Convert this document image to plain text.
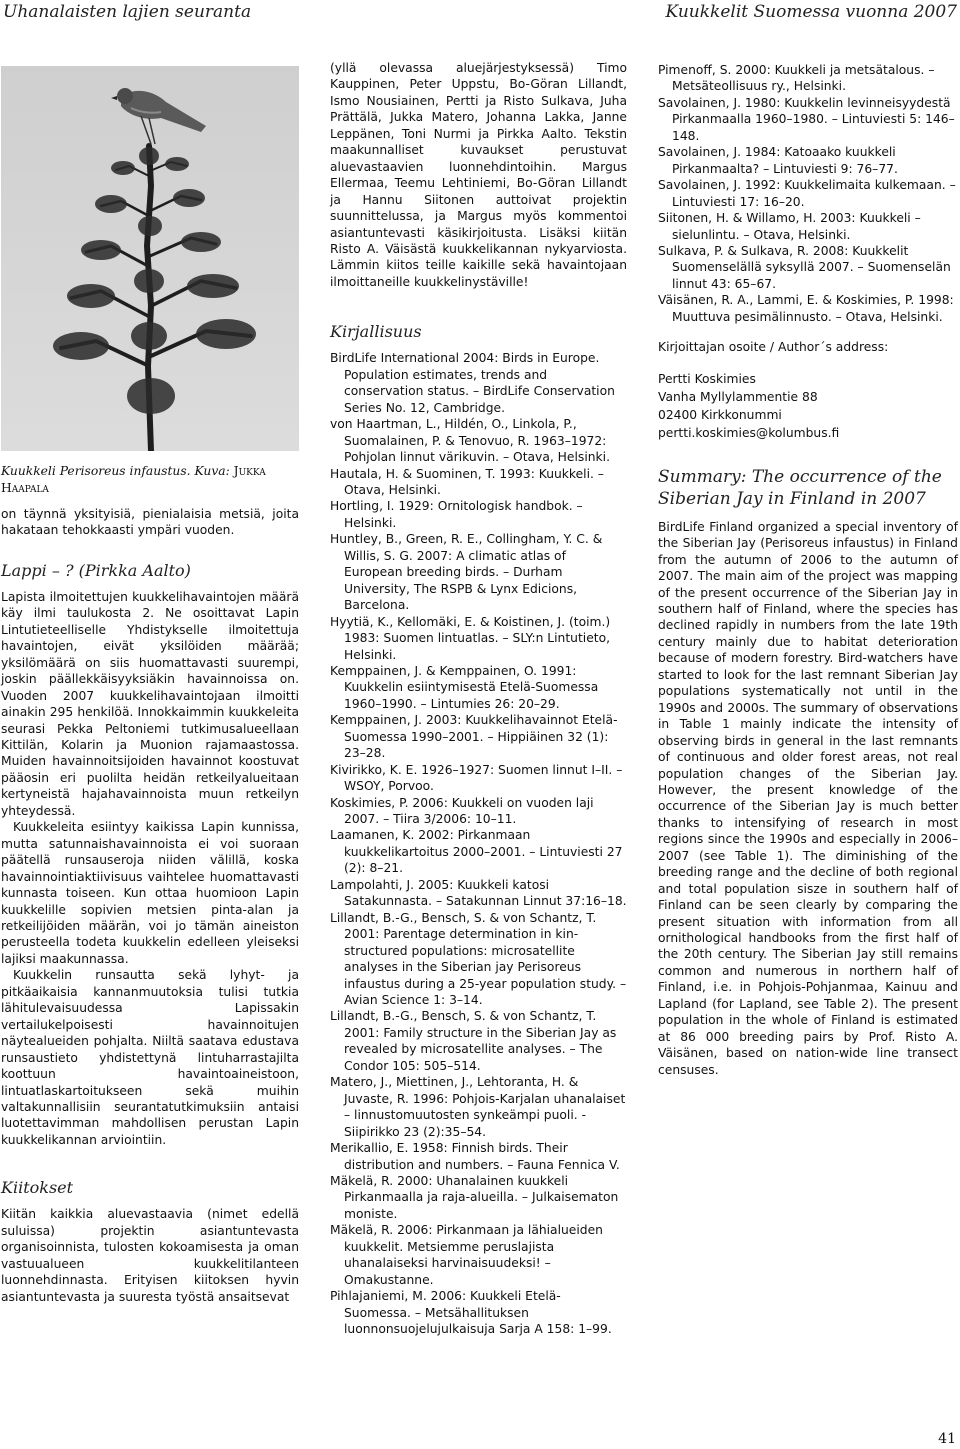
Uhanalaisten lajien seuranta	Kuukkelit Suomessa vuonna 2007
Kuukkeli Perisoreus infaustus. Kuva: Jukka Haapala

on täynnä yksityisiä, pienialaisia metsiä, joita hakataan tehokkaasti ympäri vuoden.

Lappi – ? (Pirkka Aalto)

Lapista ilmoitettujen kuukkelihavaintojen määrä käy ilmi taulukosta 2. Ne osoittavat Lapin Lintutieteelliselle Yhdistykselle ilmoitettuja havaintojen, eivät yksilöiden määrää; yksilömäärä on siis huomattavasti suurempi, joskin päällekkäisyyksiäkin havainnoissa on. Vuoden 2007 kuukkelihavaintojaan ilmoitti ainakin 295 henkilöä. Innokkaimmin kuukkeleita seurasi Pekka Peltoniemi tutkimusalueellaan Kittilän, Kolarin ja Muonion rajamaastossa. Muiden havainnoitsijoiden havainnot koostuvat pääosin eri puolilta heidän retkeilyalueitaan kertyneistä hajahavainnoista muun retkeilyn yhteydessä.

Kuukkeleita esiintyy kaikissa Lapin kunnissa, mutta satunnaishavainnoista ei voi suoraan päätellä runsauseroja niiden välillä, koska havainnointiaktiivisuus vaihtelee huomattavasti kunnasta toiseen. Kun ottaa huomioon Lapin kuukkelille sopivien metsien pinta-alan ja retkeilijöiden määrän, voi jo tämän aineiston perusteella todeta kuukkelin edelleen yleiseksi lajiksi maakunnassa.

Kuukkelin runsautta sekä lyhyt- ja pitkäaikaisia kannanmuutoksia tulisi tutkia lähitulevaisuudessa Lapissakin vertailukelpoisesti havainnoitujen näytealueiden pohjalta. Niiltä saatava edustava runsaustieto yhdistettynä lintuharrastajilta koottuun havaintoaineistoon, lintuatlaskartoitukseen sekä muihin valtakunnallisiin seurantatutkimuksiin antaisi luotettavimman mahdollisen perustan Lapin kuukkelikannan arviointiin.

Kiitokset

Kiitän kaikkia aluevastaavia (nimet edellä suluissa) projektin asiantuntevasta organisoinnista, tulosten kokoamisesta ja oman vastuualueen kuukkelitilanteen luonnehdinnasta. Erityisen kiitoksen hyvin asiantuntevasta ja suuresta työstä ansaitsevat

(yllä olevassa aluejärjestyksessä) Timo Kauppinen, Peter Uppstu, Bo-Göran Lillandt, Ismo Nousiainen, Pertti ja Risto Sulkava, Juha Prättälä, Jukka Matero, Johanna Lakka, Janne Leppänen, Toni Nurmi ja Pirkka Aalto. Tekstin maakunnalliset kuvaukset perustuvat aluevastaavien luonnehdintoihin. Margus Ellermaa, Teemu Lehtiniemi, Bo-Göran Lillandt ja Hannu Siitonen auttoivat projektin suunnittelussa, ja Margus myös kommentoi asiantuntevasti käsikirjoitusta. Lisäksi kiitän Risto A. Väisästä kuukkelikannan nykyarviosta. Lämmin kiitos teille kaikille sekä havaintojaan ilmoittaneille kuukkelinystäville!

Kirjallisuus

BirdLife International 2004: Birds in Europe. Population estimates, trends and conservation status. – BirdLife Conservation Series No. 12, Cambridge.

von Haartman, L., Hildén, O., Linkola, P., Suomalainen, P. & Tenovuo, R. 1963–1972: Pohjolan linnut värikuvin. – Otava, Helsinki.

Hautala, H. & Suominen, T. 1993: Kuukkeli. – Otava, Helsinki.

Hortling, I. 1929: Ornitologisk handbok. – Helsinki.

Huntley, B., Green, R. E., Collingham, Y. C. & Willis, S. G. 2007: A climatic atlas of European breeding birds. – Durham University, The RSPB & Lynx Edicions, Barcelona.

Hyytiä, K., Kellomäki, E. & Koistinen, J. (toim.) 1983: Suomen lintuatlas. – SLY:n Lintutieto, Helsinki.

Kemppainen, J. & Kemppainen, O. 1991: Kuukkelin esiintymisestä Etelä-Suomessa 1960–1990. – Lintumies 26: 20–29.

Kemppainen, J. 2003: Kuukkelihavainnot Etelä-Suomessa 1990–2001. – Hippiäinen 32 (1): 23–28.

Kivirikko, K. E. 1926–1927: Suomen linnut I–II. – WSOY, Porvoo.

Koskimies, P. 2006: Kuukkeli on vuoden laji 2007. – Tiira 3/2006: 10–11.

Laamanen, K. 2002: Pirkanmaan kuukkelikartoitus 2000–2001. – Lintuviesti 27 (2): 8–21.

Lampolahti, J. 2005: Kuukkeli katosi Satakunnasta. – Satakunnan Linnut 37:16–18.

Lillandt, B.-G., Bensch, S. & von Schantz, T. 2001: Parentage determination in kin-structured populations: microsatellite analyses in the Siberian jay Perisoreus infaustus during a 25-year population study. – Avian Science 1: 3–14.

Lillandt, B.-G., Bensch, S. & von Schantz, T. 2001: Family structure in the Siberian Jay as revealed by microsatellite analyses. – The Condor 105: 505–514.

Matero, J., Miettinen, J., Lehtoranta, H. & Juvaste, R. 1996: Pohjois-Karjalan uhanalaiset – linnustomuutosten synkeämpi puoli. - Siipirikko 23 (2):35–54.

Merikallio, E. 1958: Finnish birds. Their distribution and numbers. – Fauna Fennica V.

Mäkelä, R. 2000: Uhanalainen kuukkeli Pirkanmaalla ja raja-alueilla. – Julkaisematon moniste.

Mäkelä, R. 2006: Pirkanmaan ja lähialueiden kuukkelit. Metsiemme peruslajista uhanalaiseksi harvinaisuudeksi! – Omakustanne.

Pihlajaniemi, M. 2006: Kuukkeli Etelä-Suomessa. – Metsähallituksen luonnonsuojelujulkaisuja Sarja A 158: 1–99.

Pimenoff, S. 2000: Kuukkeli ja metsätalous. – Metsäteollisuus ry., Helsinki.

Savolainen, J. 1980: Kuukkelin levinneisyydestä Pirkanmaalla 1960–1980. – Lintuviesti 5: 146–148.

Savolainen, J. 1984: Katoaako kuukkeli Pirkanmaalta? – Lintuviesti 9: 76–77.

Savolainen, J. 1992: Kuukkelimaita kulkemaan. – Lintuviesti 17: 16–20.

Siitonen, H. & Willamo, H. 2003: Kuukkeli – sielunlintu. – Otava, Helsinki.

Sulkava, P. & Sulkava, R. 2008: Kuukkelit Suomenselällä syksyllä 2007. – Suomenselän linnut 43: 65–67.

Väisänen, R. A., Lammi, E. & Koskimies, P. 1998: Muuttuva pesimälinnusto. – Otava, Helsinki.

Kirjoittajan osoite / Author´s address:

Pertti Koskimies
Vanha Myllylammentie 88
02400 Kirkkonummi
pertti.koskimies@kolumbus.fi
Summary: The occurrence of the Siberian Jay in Finland in 2007

BirdLife Finland organized a special inventory of the Siberian Jay (Perisoreus infaustus) in Finland from the autumn of 2006 to the autumn of 2007. The main aim of the project was mapping of the present occurrence of the Siberian Jay in southern half of Finland, where the species has declined rapidly in numbers from the late 19th century mainly due to habitat deterioration because of modern forestry. Bird-watchers have started to look for the last remnant Siberian Jay populations systematically not until in the 1990s and 2000s. The summary of observations in Table 1 mainly indicate the intensity of observing birds in general in the last remnants of continuous and older forest areas, not real population changes of the Siberian Jay. However, the present knowledge of the occurrence of the Siberian Jay is much better thanks to intensifying of research in most regions since the 1990s and especially in 2006–2007 (see Table 1). The diminishing of the breeding range and the decline of both regional and total population sisze in southern half of Finland can be seen clearly by comparing the present situation with information from all ornithological handbooks from the first half of the 20th century. The Siberian Jay still remains common and numerous in northern half of Finland, i.e. in Pohjois-Pohjanmaa, Kainuu and Lapland (for Lapland, see Table 2). The present population in the whole of Finland is estimated at 86 000 breeding pairs by Prof. Risto A. Väisänen, based on nation-wide line transect censuses.

41
